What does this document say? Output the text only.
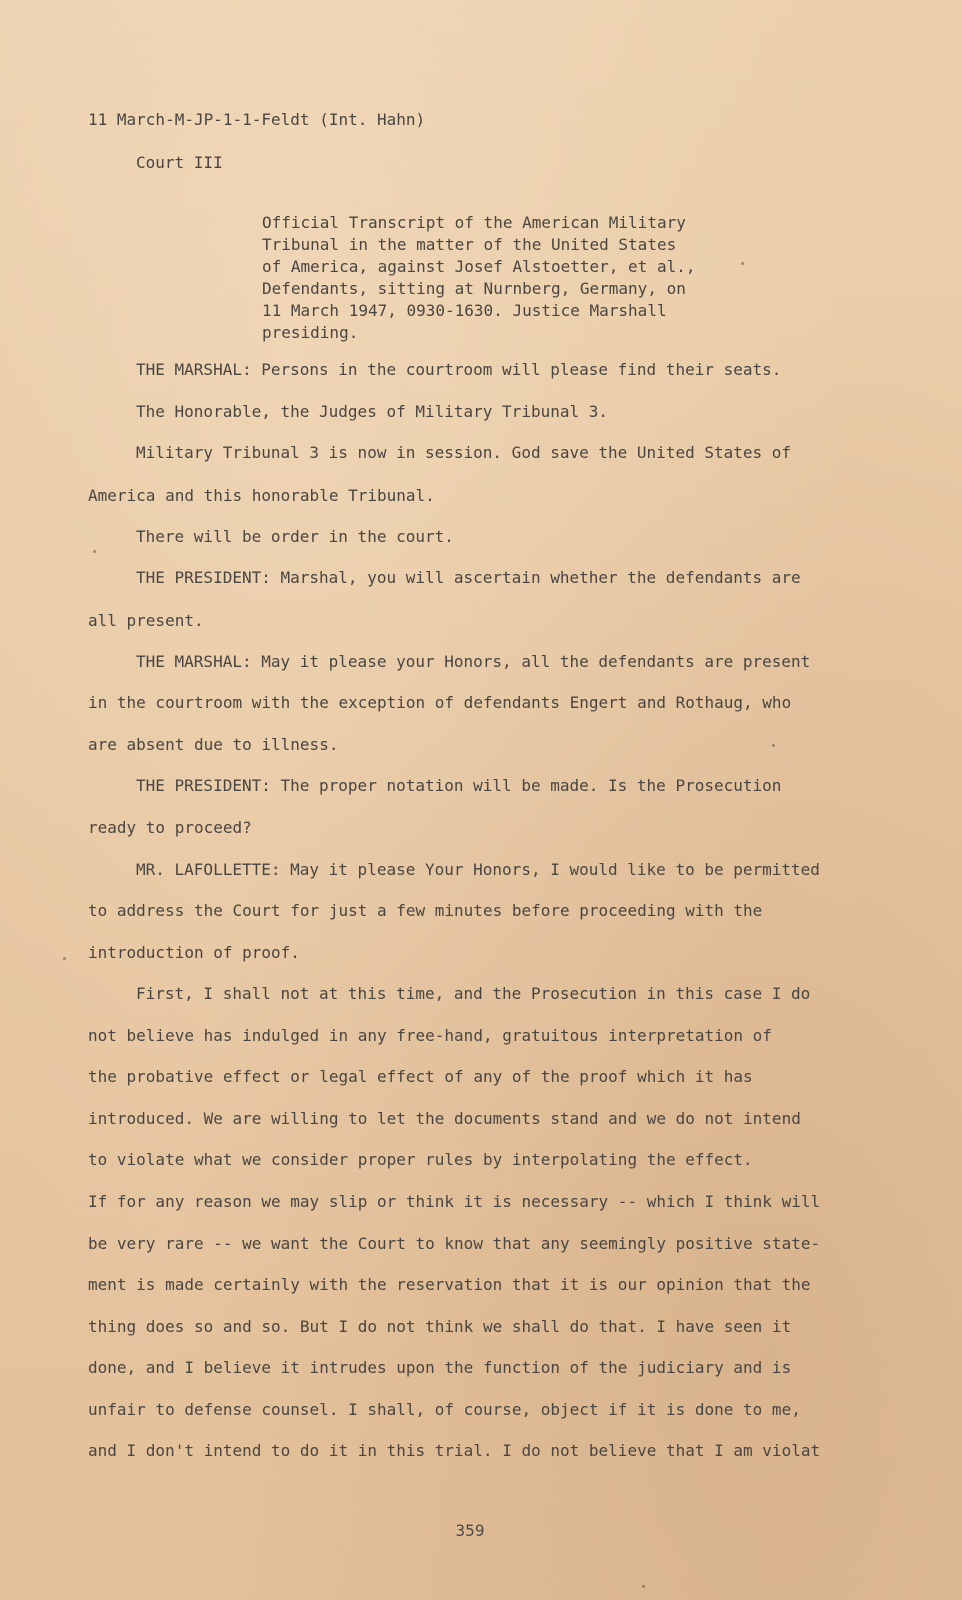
11 March-M-JP-1-1-Feldt (Int. Hahn)
Court III
Official Transcript of the American Military
Tribunal in the matter of the United States
of America, against Josef Alstoetter, et al.,
Defendants, sitting at Nurnberg, Germany, on
11 March 1947, 0930-1630. Justice Marshall
presiding.
THE MARSHAL: Persons in the courtroom will please find their seats.
The Honorable, the Judges of Military Tribunal 3.
Military Tribunal 3 is now in session. God save the United States of
America and this honorable Tribunal.
There will be order in the court.
THE PRESIDENT: Marshal, you will ascertain whether the defendants are
all present.
THE MARSHAL: May it please your Honors, all the defendants are present
in the courtroom with the exception of defendants Engert and Rothaug, who
are absent due to illness.
THE PRESIDENT: The proper notation will be made. Is the Prosecution
ready to proceed?
MR. LAFOLLETTE: May it please Your Honors, I would like to be permitted
to address the Court for just a few minutes before proceeding with the
introduction of proof.
First, I shall not at this time, and the Prosecution in this case I do
not believe has indulged in any free-hand, gratuitous interpretation of
the probative effect or legal effect of any of the proof which it has
introduced. We are willing to let the documents stand and we do not intend
to violate what we consider proper rules by interpolating the effect.
If for any reason we may slip or think it is necessary -- which I think will
be very rare -- we want the Court to know that any seemingly positive state-
ment is made certainly with the reservation that it is our opinion that the
thing does so and so. But I do not think we shall do that. I have seen it
done, and I believe it intrudes upon the function of the judiciary and is
unfair to defense counsel. I shall, of course, object if it is done to me,
and I don't intend to do it in this trial. I do not believe that I am violat
359
